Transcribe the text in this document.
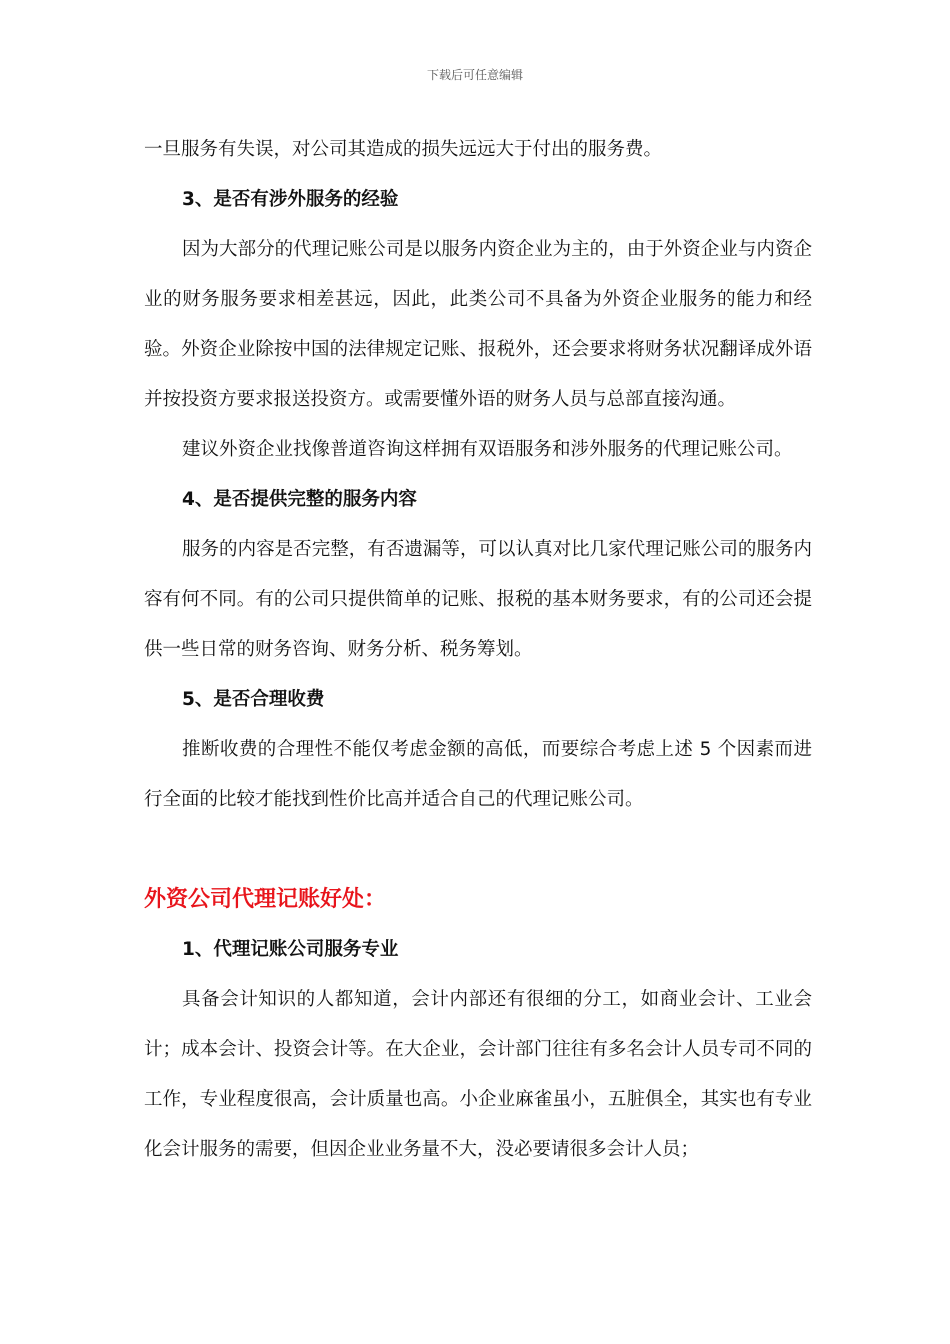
下载后可任意编辑

一旦服务有失误，对公司其造成的损失远远大于付出的服务费。

3、是否有涉外服务的经验

因为大部分的代理记账公司是以服务内资企业为主的，由于外资企业与内资企业的财务服务要求相差甚远，因此，此类公司不具备为外资企业服务的能力和经验。外资企业除按中国的法律规定记账、报税外，还会要求将财务状况翻译成外语并按投资方要求报送投资方。或需要懂外语的财务人员与总部直接沟通。

建议外资企业找像普道咨询这样拥有双语服务和涉外服务的代理记账公司。

4、是否提供完整的服务内容

服务的内容是否完整，有否遗漏等，可以认真对比几家代理记账公司的服务内容有何不同。有的公司只提供简单的记账、报税的基本财务要求，有的公司还会提供一些日常的财务咨询、财务分析、税务筹划。

5、是否合理收费

推断收费的合理性不能仅考虑金额的高低，而要综合考虑上述 5 个因素而进行全面的比较才能找到性价比高并适合自己的代理记账公司。

外资公司代理记账好处：

1、代理记账公司服务专业

具备会计知识的人都知道，会计内部还有很细的分工，如商业会计、工业会计；成本会计、投资会计等。在大企业，会计部门往往有多名会计人员专司不同的工作，专业程度很高，会计质量也高。小企业麻雀虽小，五脏俱全，其实也有专业化会计服务的需要，但因企业业务量不大，没必要请很多会计人员；
